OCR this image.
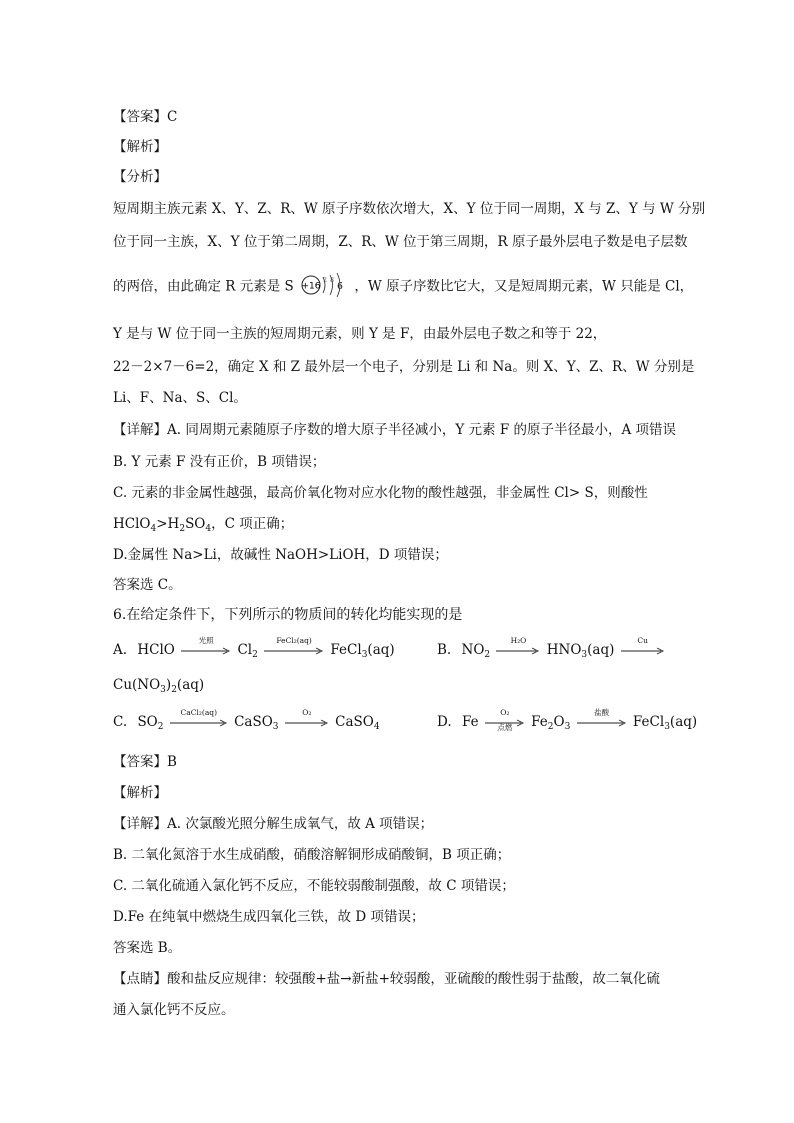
【答案】C
【解析】
【分析】
短周期主族元素 X、Y、Z、R、W 原子序数依次增大，X、Y 位于同一周期，X 与 Z、Y 与 W 分别
位于同一主族，X、Y 位于第二周期，Z、R、W 位于第三周期，R 原子最外层电子数是电子层数
的两倍，由此确定 R 元素是 S +16
2 8
6 ，W 原子序数比它大，又是短周期元素，W 只能是 Cl，
Y 是与 W 位于同一主族的短周期元素，则 Y 是 F，由最外层电子数之和等于 22，
22－2×7－6=2，确定 X 和 Z 最外层一个电子，分别是 Li 和 Na。则 X、Y、Z、R、W 分别是
Li、F、Na、S、Cl。
【详解】A. 同周期元素随原子序数的增大原子半径减小，Y 元素 F 的原子半径最小，A 项错误
B. Y 元素 F 没有正价，B 项错误；
C. 元素的非金属性越强，最高价氧化物对应水化物的酸性越强，非金属性 Cl> S，则酸性
$HClO_4>H_2SO_4$，C 项正确；
D.金属性 Na>Li，故碱性 NaOH>LiOH，D 项错误；
答案选 C。
6.在给定条件下，下列所示的物质间的转化均能实现的是
A. HClO
光照
$Cl_2$
FeCl₂(aq)
FeCl$_3$(aq)	B. $NO_2$
H₂O
$HNO_3(aq)$
Cu
$Cu(NO_3)_2(aq)$
C. $SO_2$
CaCl₂(aq)
CaSO$_3$
O₂
CaSO$_4$	D. Fe
O₂
点燃	$Fe_2O_3$
盐酸
FeCl$_3$(aq)
【答案】B
【解析】
【详解】A. 次氯酸光照分解生成氧气，故 A 项错误；
B. 二氧化氮溶于水生成硝酸，硝酸溶解铜形成硝酸铜，B 项正确；
C. 二氧化硫通入氯化钙不反应，不能较弱酸制强酸，故 C 项错误；
D.Fe 在纯氧中燃烧生成四氧化三铁，故 D 项错误；
答案选 B。
【点睛】酸和盐反应规律：较强酸+盐→新盐+较弱酸，亚硫酸的酸性弱于盐酸，故二氧化硫
通入氯化钙不反应。
